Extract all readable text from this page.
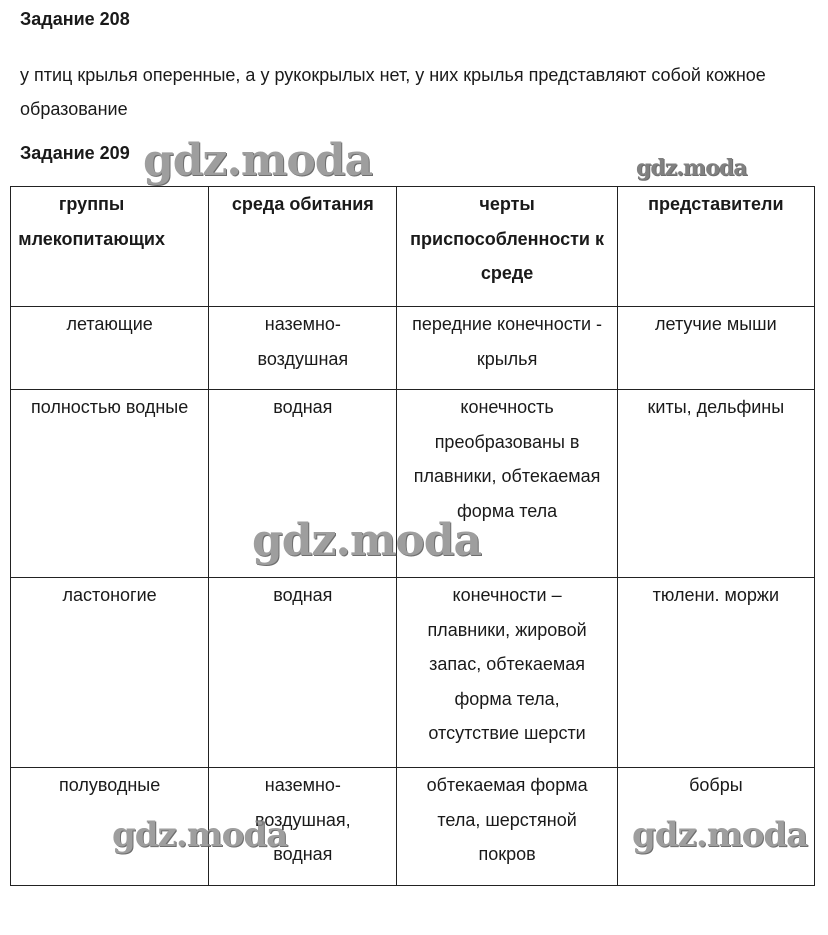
Задание 208
у птиц крылья оперенные, а у рукокрылых нет, у них крылья представляют собой кожное образование
Задание 209
группы млекопитающих	среда обитания	черты приспособленности к среде	представители
летающие	наземно-воздушная	передние конечности - крылья	летучие мыши
полностью водные	водная	конечность преобразованы в плавники, обтекаемая форма тела	киты, дельфины
ластоногие	водная	конечности – плавники, жировой запас, обтекаемая форма тела, отсутствие шерсти	тюлени. моржи
полуводные	наземно-воздушная, водная	обтекаемая форма тела, шерстяной покров	бобры
gdz.moda	gdz.moda
gdz.moda
gdz.moda	gdz.moda
